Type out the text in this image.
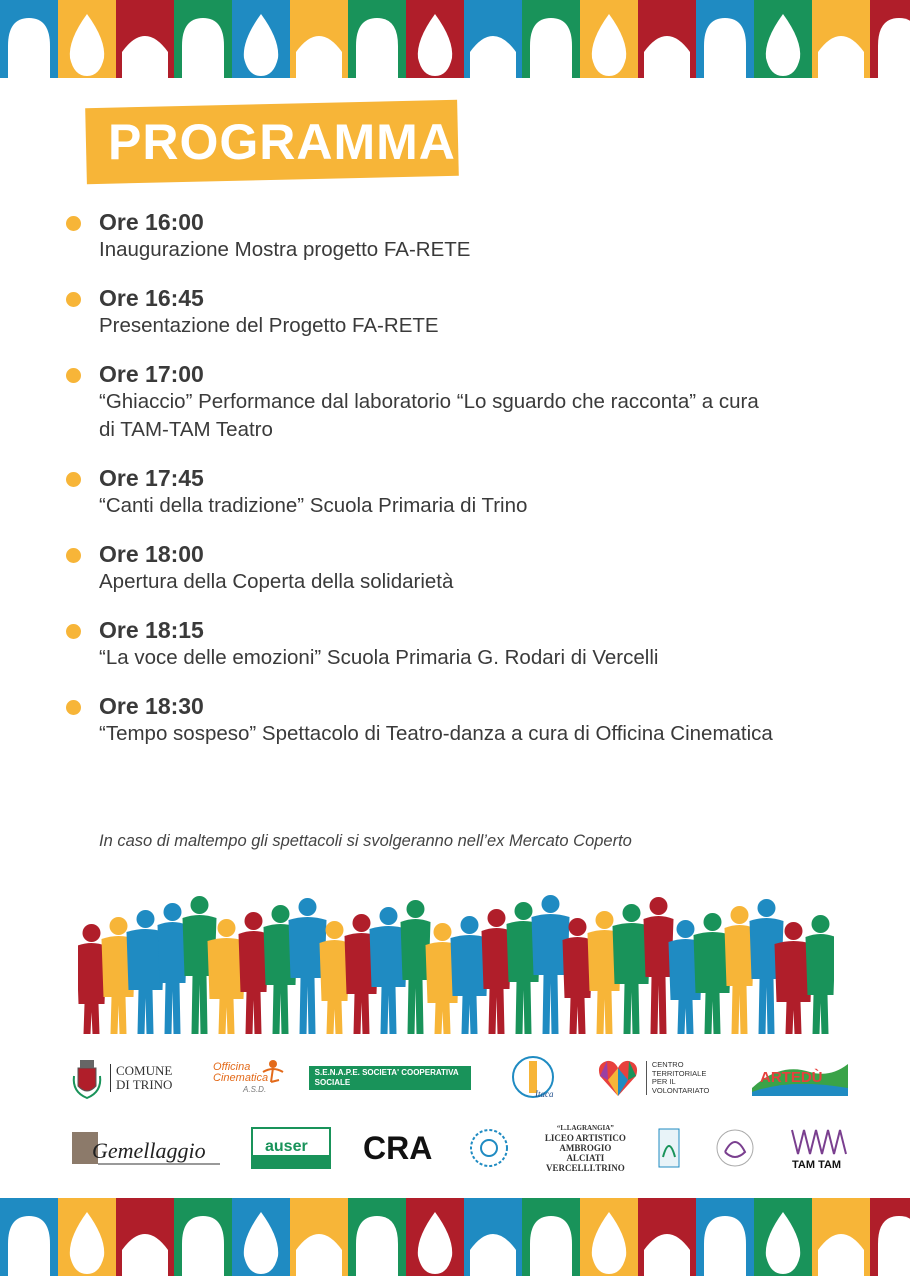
PROGRAMMA
Ore 16:00
Inaugurazione Mostra progetto FA-RETE
Ore 16:45
Presentazione del Progetto FA-RETE
Ore 17:00
“Ghiaccio” Performance dal laboratorio “Lo sguardo che racconta” a cura
di TAM-TAM Teatro
Ore 17:45
“Canti della tradizione” Scuola Primaria di Trino
Ore 18:00
Apertura della Coperta della solidarietà
Ore 18:15
“La voce delle emozioni” Scuola Primaria G. Rodari di Vercelli
Ore 18:30
“Tempo sospeso” Spettacolo di Teatro-danza a cura di Officina Cinematica
In caso di maltempo gli spettacoli si svolgeranno nell’ex Mercato Coperto
COMUNE
DI TRINO
Officina
Cinematica
A.S.D.
S.E.N.A.P.E. SOCIETA' COOPERATIVA
SOCIALE
Itaca
CENTRO
TERRITORIALE
PER IL
VOLONTARIATO
ARTEDÙ
Gemellaggio	auser CRA
“L.LAGRANGIA”
LICEO ARTISTICO
AMBROGIO
ALCIATI
VERCELLI.TRINO	TAM TAM
